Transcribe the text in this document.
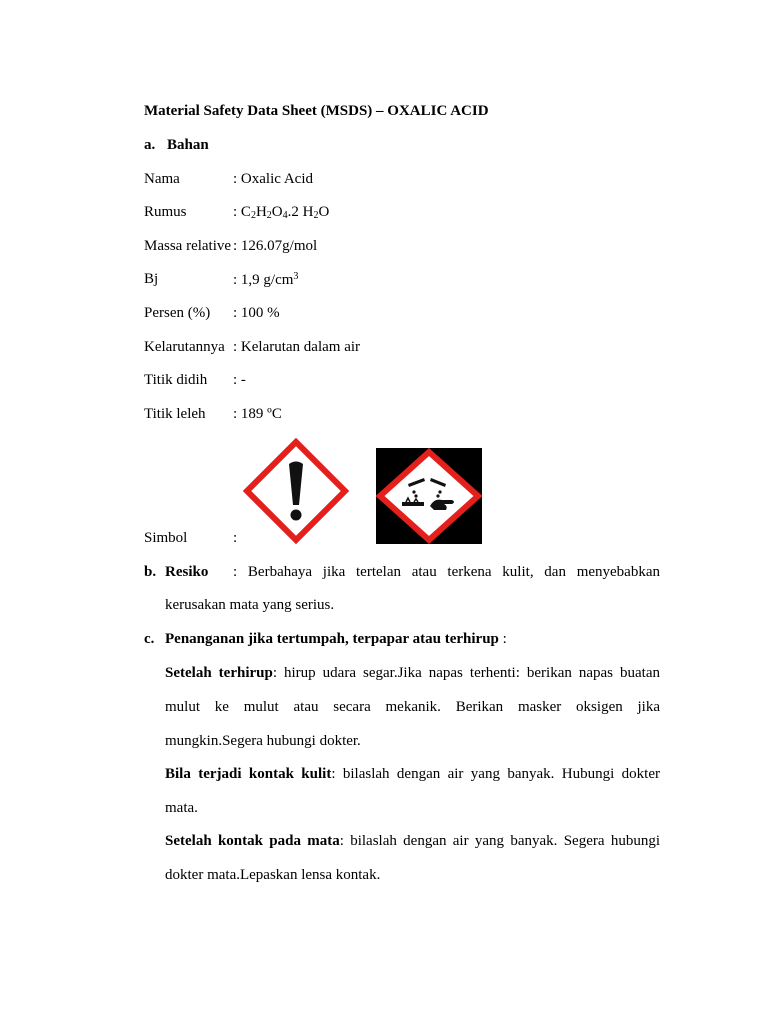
Material Safety Data Sheet (MSDS) – OXALIC ACID
a. Bahan
Nama	: Oxalic Acid
Rumus	: $C_2H_2O_4.2$ $H_2O$
Massa relative : 126.07g/mol
Bj	: 1,9 $g/cm^3$
Persen (%) : 100 %
Kelarutannya : Kelarutan dalam air
Titik didih : -
Titik leleh : 189 ºC
Simbol	:
b. Resiko : Berbahaya jika tertelan atau terkena kulit, dan menyebabkan
kerusakan mata yang serius.
c. Penanganan jika tertumpah, terpapar atau terhirup :
Setelah terhirup: hirup udara segar.Jika napas terhenti: berikan napas buatan mulut ke mulut atau secara mekanik. Berikan masker oksigen jika mungkin.Segera hubungi dokter.
Bila terjadi kontak kulit: bilaslah dengan air yang banyak. Hubungi dokter mata.
Setelah kontak pada mata: bilaslah dengan air yang banyak. Segera hubungi dokter mata.Lepaskan lensa kontak.
